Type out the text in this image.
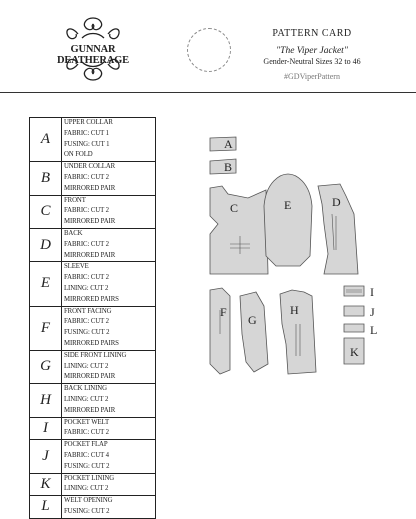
GUNNAR DEATHERAGE
PATTERN CARD
"The Viper Jacket"
Gender-Neutral Sizes 32 to 46
#GDViperPattern
A	UPPER COLLAR
FABRIC: CUT 1
FUSING: CUT 1
ON FOLD

B	UNDER COLLAR
FABRIC: CUT 2
MIRRORED PAIR

C	FRONT
FABRIC: CUT 2
MIRRORED PAIR

D	BACK
FABRIC: CUT 2
MIRRORED PAIR

E	SLEEVE
FABRIC: CUT 2
LINING: CUT 2
MIRRORED PAIRS

F	FRONT FACING
FABRIC: CUT 2
FUSING: CUT 2
MIRRORED PAIRS

G	SIDE FRONT LINING
LINING: CUT 2
MIRRORED PAIR

H	BACK LINING
LINING: CUT 2
MIRRORED PAIR

I	POCKET WELT
FABRIC: CUT 2

J	POCKET FLAP
FABRIC: CUT 4
FUSING: CUT 2

K	POCKET LINING
LINING: CUT 2

L	WELT OPENING
FUSING: CUT 2
A
B
C	E	D
F
G
H
I
J
L
K
